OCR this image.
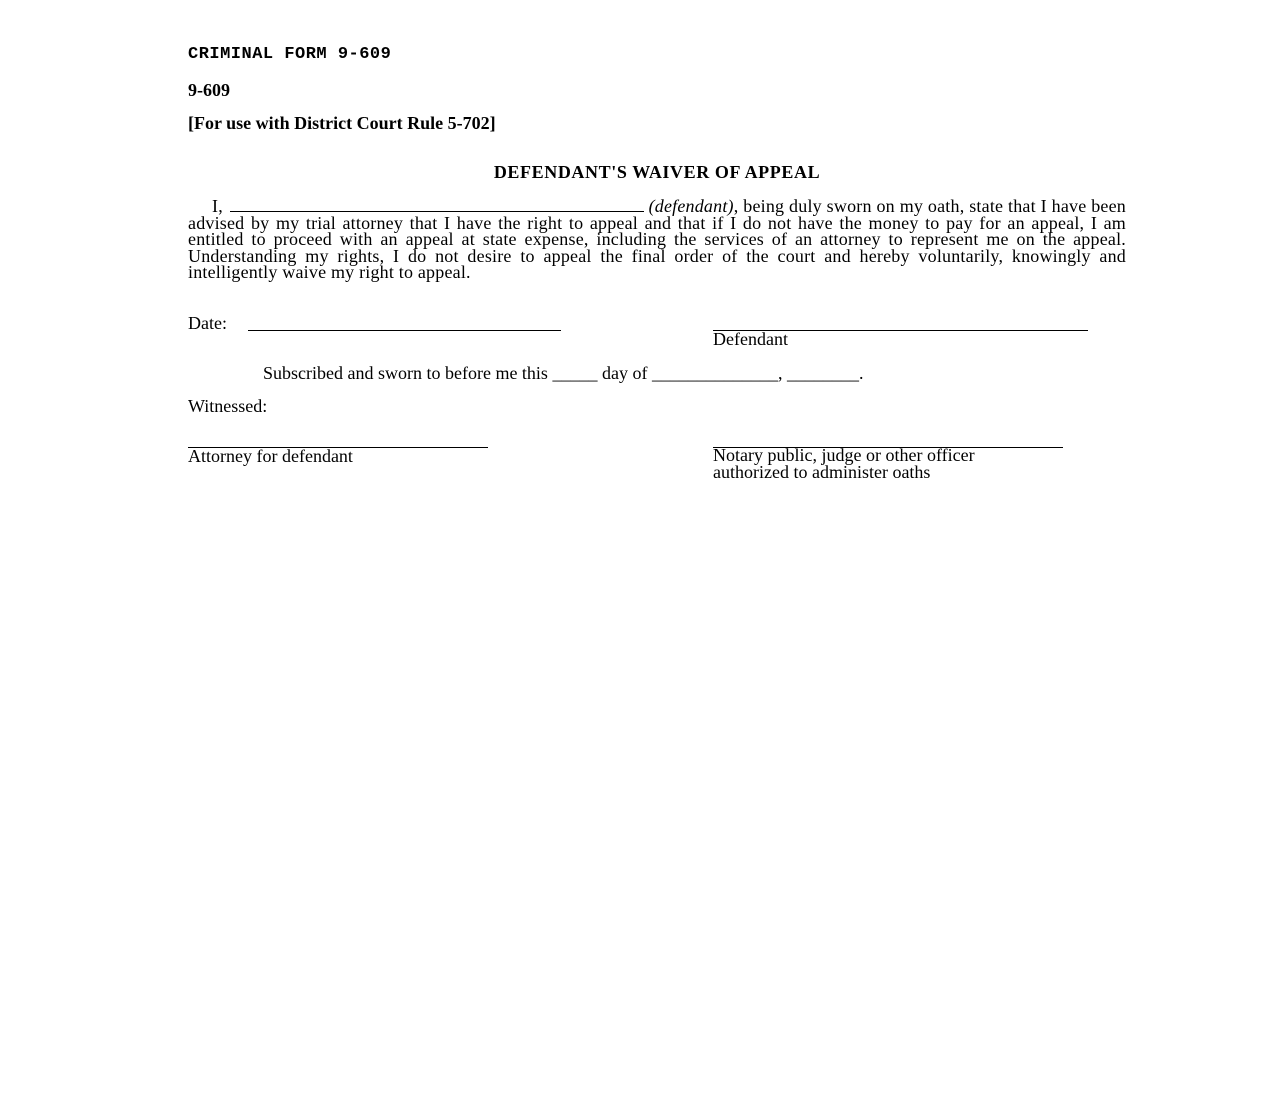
CRIMINAL FORM 9-609
9-609
[For use with District Court Rule 5-702]
DEFENDANT'S WAIVER OF APPEAL
I,	(defendant), being duly sworn on my oath, state that I have been advised by my trial attorney that I have the right to appeal and that if I do not have the money to pay for an appeal, I am entitled to proceed with an appeal at state expense, including the services of an attorney to represent me on the appeal. Understanding my rights, I do not desire to appeal the final order of the court and hereby voluntarily, knowingly and intelligently waive my right to appeal.
Date:
Defendant
Subscribed and sworn to before me this _____ day of ______________, ________.
Witnessed:
Attorney for defendant	Notary public, judge or other officer authorized to administer oaths
